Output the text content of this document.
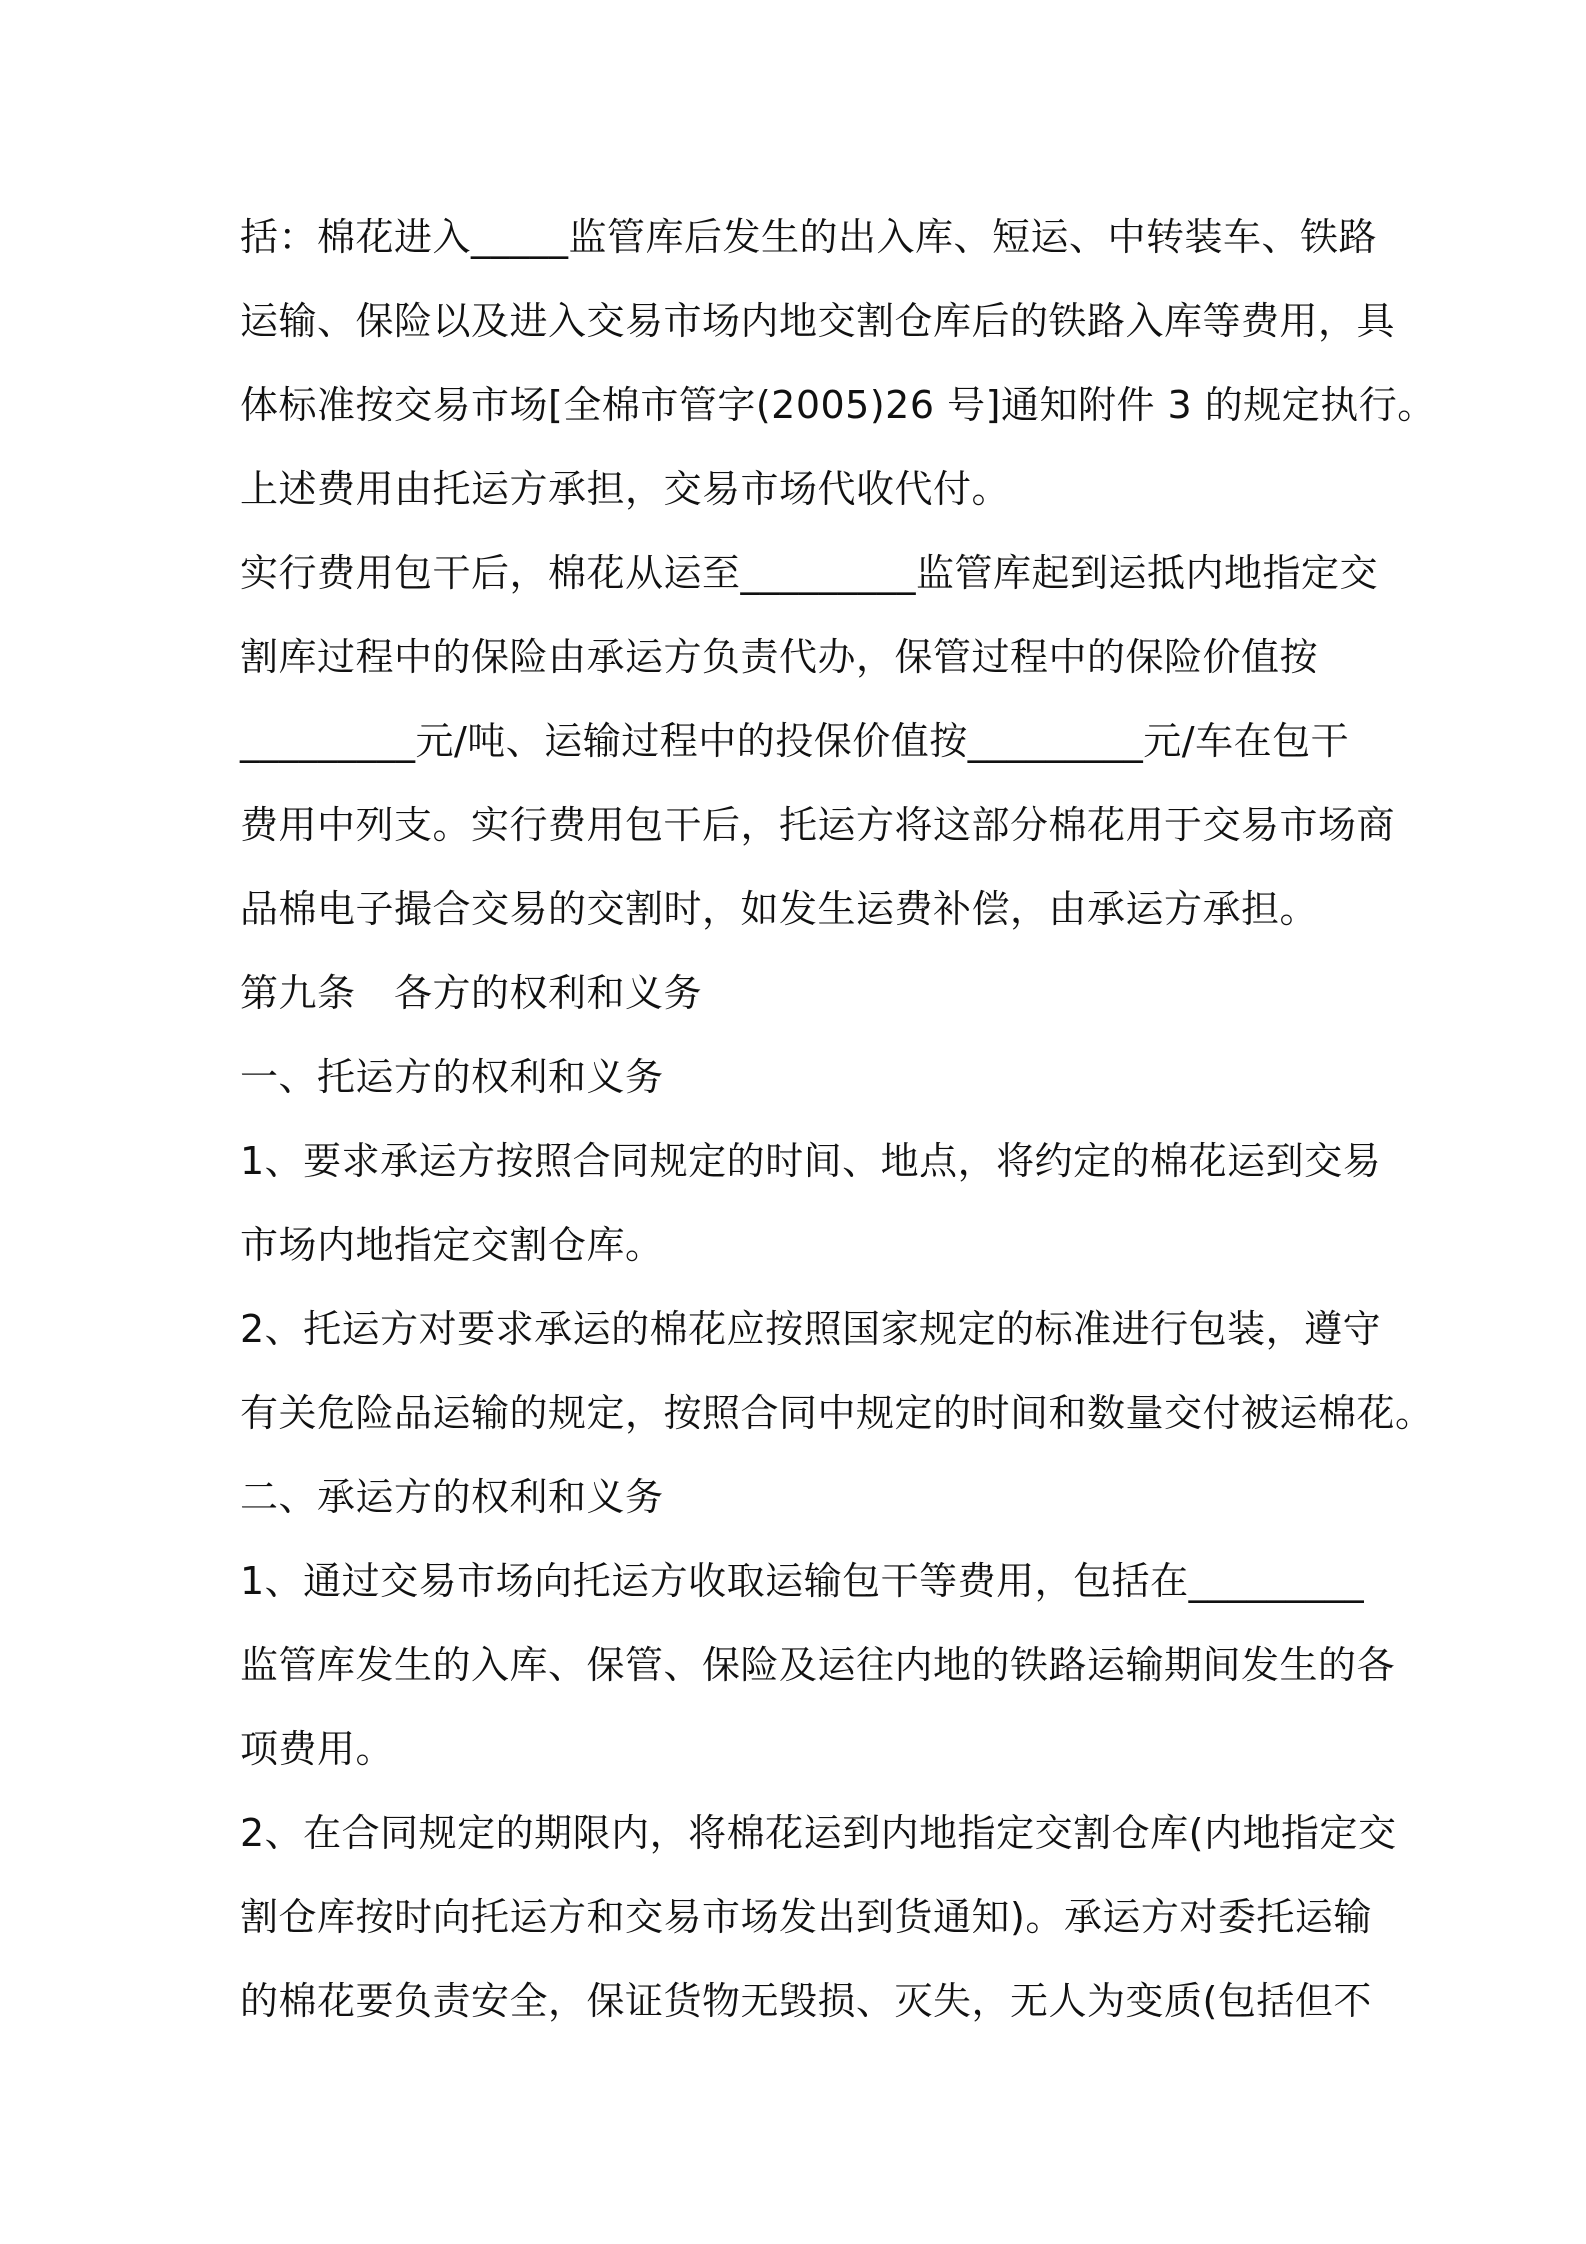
括：棉花进入_____监管库后发生的出入库、短运、中转装车、铁路
运输、保险以及进入交易市场内地交割仓库后的铁路入库等费用，具
体标准按交易市场[全棉市管字(2005)26 号]通知附件 3 的规定执行。
上述费用由托运方承担，交易市场代收代付。
实行费用包干后，棉花从运至_________监管库起到运抵内地指定交
割库过程中的保险由承运方负责代办，保管过程中的保险价值按
_________元/吨、运输过程中的投保价值按_________元/车在包干
费用中列支。实行费用包干后，托运方将这部分棉花用于交易市场商
品棉电子撮合交易的交割时，如发生运费补偿，由承运方承担。
第九条　各方的权利和义务
一、托运方的权利和义务
1、要求承运方按照合同规定的时间、地点，将约定的棉花运到交易
市场内地指定交割仓库。
2、托运方对要求承运的棉花应按照国家规定的标准进行包装，遵守
有关危险品运输的规定，按照合同中规定的时间和数量交付被运棉花。
二、承运方的权利和义务
1、通过交易市场向托运方收取运输包干等费用，包括在_________
监管库发生的入库、保管、保险及运往内地的铁路运输期间发生的各
项费用。
2、在合同规定的期限内，将棉花运到内地指定交割仓库(内地指定交
割仓库按时向托运方和交易市场发出到货通知)。承运方对委托运输
的棉花要负责安全，保证货物无毁损、灭失，无人为变质(包括但不
